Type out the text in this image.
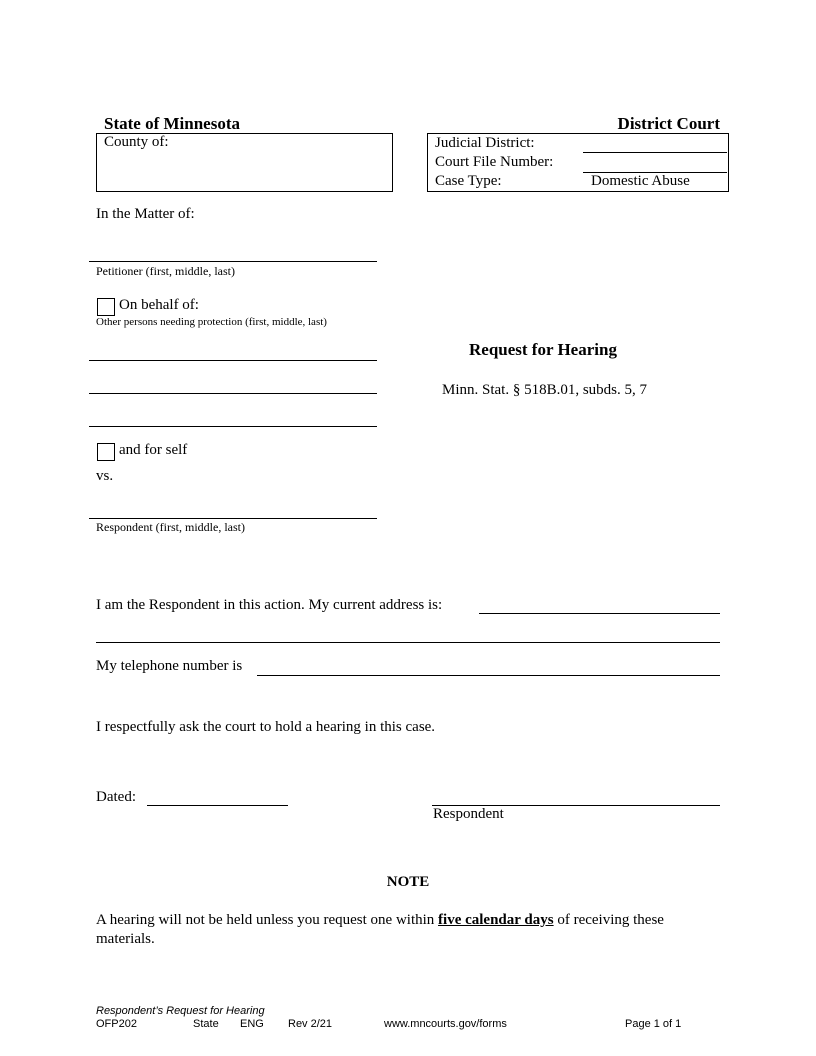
State of Minnesota	District Court
County of:	Judicial District:
Court File Number:
Case Type:	Domestic Abuse
In the Matter of:
Petitioner (first, middle, last)
On behalf of:
Other persons needing protection (first, middle, last)
and for self
vs.
Respondent (first, middle, last)
Request for Hearing
Minn. Stat. § 518B.01, subds. 5, 7
I am the Respondent in this action. My current address is:
My telephone number is
I respectfully ask the court to hold a hearing in this case.
Dated:
Respondent
NOTE
A hearing will not be held unless you request one within five calendar days of receiving these materials.
Respondent’s Request for Hearing
OFP202	State ENG Rev 2/21	www.mncourts.gov/forms	Page 1 of 1
